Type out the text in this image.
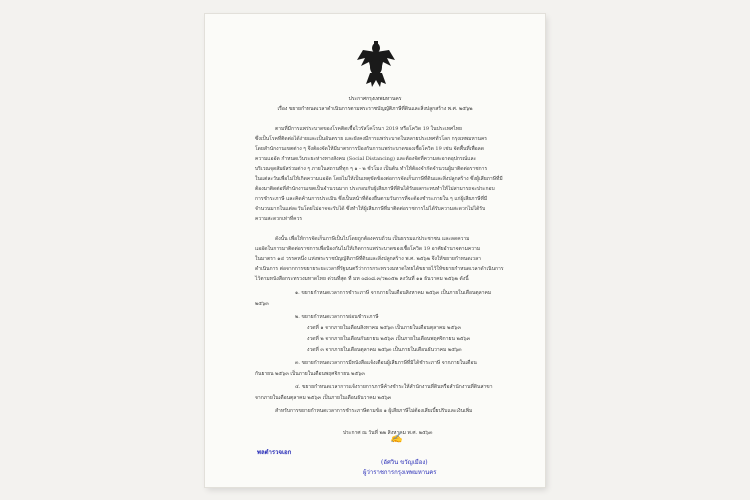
ประกาศกรุงเทพมหานคร
เรื่อง ขยายกำหนดเวลาดำเนินการตามพระราชบัญญัติภาษีที่ดินและสิ่งปลูกสร้าง พ.ศ. ๒๕๖๒
ตามที่มีการแพร่ระบาดของโรคติดเชื้อไวรัสโคโรนา 2019 หรือโควิด 19 ในประเทศไทย
ซึ่งเป็นโรคที่ติดต่อได้ง่ายและเป็นอันตราย และยังคงมีการแพร่ระบาดในหลายประเทศทั่วโลก กรุงเทพมหานคร
โดยสำนักงานเขตต่าง ๆ จึงต้องจัดให้มีมาตรการป้องกันการแพร่ระบาดของเชื้อโควิด 19 เช่น จัดพื้นที่เพื่อลด
ความแออัด กำหนดเว้นระยะห่างทางสังคม (Social Distancing) และต้องจัดที่ความสะอาดอุปกรณ์และ
บริเวณจุดสัมผัสร่วมต่าง ๆ ภายในสถานที่ทุก ๆ ๑ - ๒ ชั่วโมง เป็นต้น ทำให้ต้องจำกัดจำนวนผู้มาติดต่อราชการ
ในแต่ละวันเพื่อไม่ให้เกิดความแออัด โดยไม่ให้เป็นเหตุขัดข้องต่อการจัดเก็บภาษีที่ดินและสิ่งปลูกสร้าง ซึ่งผู้เสียภาษีที่มี
ต้องมาติดต่อที่สำนักงานเขตเป็นจำนวนมาก ประกอบกับผู้เสียภาษีที่ดินได้รับผลกระทบทำให้ไม่สามารถจะประกอบ
การชำระภาษี และคิดค้านการประเมิน ซึ่งเป็นหน้าที่ต้องยื่นตามวันการที่จะต้องชำระภายใน ๆ แก่ผู้เสียภาษีที่มี
จำนวนมากในแต่ละวันโดยไม่อาจจะรับได้ ซึ่งทำให้ผู้เสียภาษีที่มาติดต่อราชการไม่ได้รับความสะดวกไม่ได้รับ
ความสะดวกเท่าที่ควร
ดังนั้น เพื่อให้การจัดเก็บภาษีเป็นไปโดยถูกต้องครบถ้วน เป็นธรรมแก่ประชาชน และลดความ
แออัดในการมาติดต่อราชการเพื่อป้องกันไม่ให้เกิดการแพร่ระบาดของเชื้อโควิด 19 อาศัยอำนาจตามความ
ในมาตรา ๑๔ วรรคหนึ่ง แห่งพระราชบัญญัติภาษีที่ดินและสิ่งปลูกสร้าง พ.ศ. ๒๕๖๒ จึงให้ขยายกำหนดเวลา
ดำเนินการ ต่อจากการขยายระยะเวลาที่รัฐมนตรีว่าการกระทรวงมหาดไทยได้ขยายไว้ให้ขยายกำหนดเวลาดำเนินการ
ไว้ตามหนังสือกระทรวงมหาดไทย ด่วนที่สุด ที่ มท ๐๘๐๘.๓/ว๒๐๕๒ ลงวันที่ ๑๑ ธันวาคม ๒๕๖๒ ดังนี้
๑. ขยายกำหนดเวลาการชำระภาษี จากภายในเดือนสิงหาคม ๒๕๖๓ เป็นภายในเดือนตุลาคม
๒๕๖๓
๒. ขยายกำหนดเวลาการผ่อนชำระภาษี
งวดที่ ๑ จากภายในเดือนสิงหาคม ๒๕๖๓ เป็นภายในเดือนตุลาคม ๒๕๖๓
งวดที่ ๒ จากภายในเดือนกันยายน ๒๕๖๓ เป็นภายในเดือนพฤศจิกายน ๒๕๖๓
งวดที่ ๓ จากภายในเดือนตุลาคม ๒๕๖๓ เป็นภายในเดือนธันวาคม ๒๕๖๓
๓. ขยายกำหนดเวลาการมีหนังสือแจ้งเตือนผู้เสียภาษีที่มิได้ชำระภาษี จากภายในเดือน
กันยายน ๒๕๖๓ เป็นภายในเดือนพฤศจิกายน ๒๕๖๓
๔. ขยายกำหนดเวลาการแจ้งรายการภาษีค้างชำระให้สำนักงานที่ดินหรือสำนักงานที่ดินสาขา
จากภายในเดือนตุลาคม ๒๕๖๓ เป็นภายในเดือนธันวาคม ๒๕๖๓
สำหรับการขยายกำหนดเวลาการชำระภาษีตามข้อ ๑ ผู้เสียภาษีไม่ต้องเสียเบี้ยปรับและเงินเพิ่ม
ประกาศ ณ วันที่ ๒๒ สิงหาคม พ.ศ. ๒๕๖๓
✍
พลตำรวจเอก
(อัศวิน ขวัญเมือง)
ผู้ว่าราชการกรุงเทพมหานคร
